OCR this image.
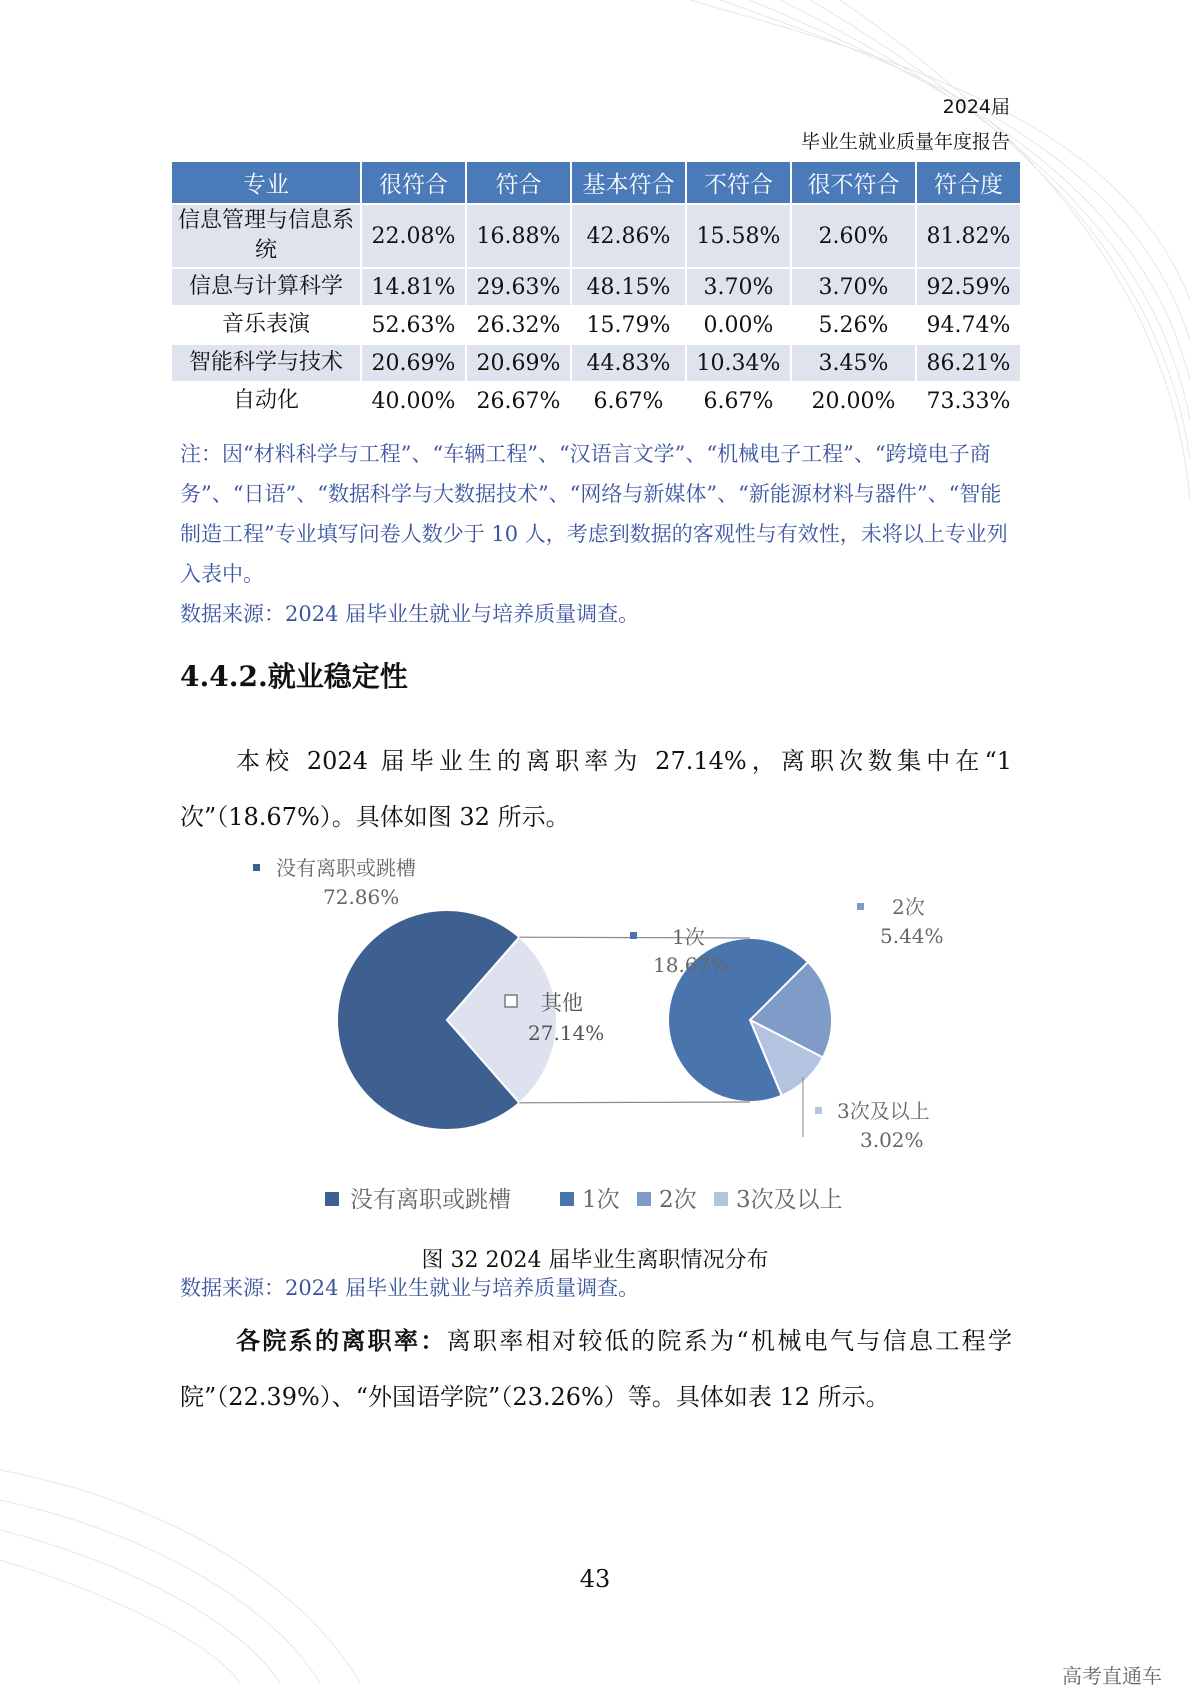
2024届
毕业生就业质量年度报告
专业	很符合	符合	基本符合	不符合	很不符合	符合度
信息管理与信息系统	22.08%	16.88%	42.86%	15.58%	2.60%	81.82%
信息与计算科学	14.81%	29.63%	48.15%	3.70%	3.70%	92.59%
音乐表演	52.63%	26.32%	15.79%	0.00%	5.26%	94.74%
智能科学与技术	20.69%	20.69%	44.83%	10.34%	3.45%	86.21%
自动化	40.00%	26.67%	6.67%	6.67%	20.00%	73.33%
注：因“材料科学与工程”、“车辆工程”、“汉语言文学”、“机械电子工程”、“跨境电子商务”、“日语”、“数据科学与大数据技术”、“网络与新媒体”、“新能源材料与器件”、“智能制造工程”专业填写问卷人数少于 10 人，考虑到数据的客观性与有效性，未将以上专业列入表中。
数据来源：2024 届毕业生就业与培养质量调查。
4.4.2.就业稳定性
本校 2024 届毕业生的离职率为 27.14%，离职次数集中在“1 次”（18.67%）。具体如图 32 所示。
没有离职或跳槽
72.86%
其他
27.14%
1次
18.67%
2次
5.44%
3次及以上
3.02%
没有离职或跳槽	1次 2次 3次及以上
图 32 2024 届毕业生离职情况分布
数据来源：2024 届毕业生就业与培养质量调查。
各院系的离职率：离职率相对较低的院系为“机械电气与信息工程学院”（22.39%）、“外国语学院”（23.26%）等。具体如表 12 所示。
43
高考直通车
